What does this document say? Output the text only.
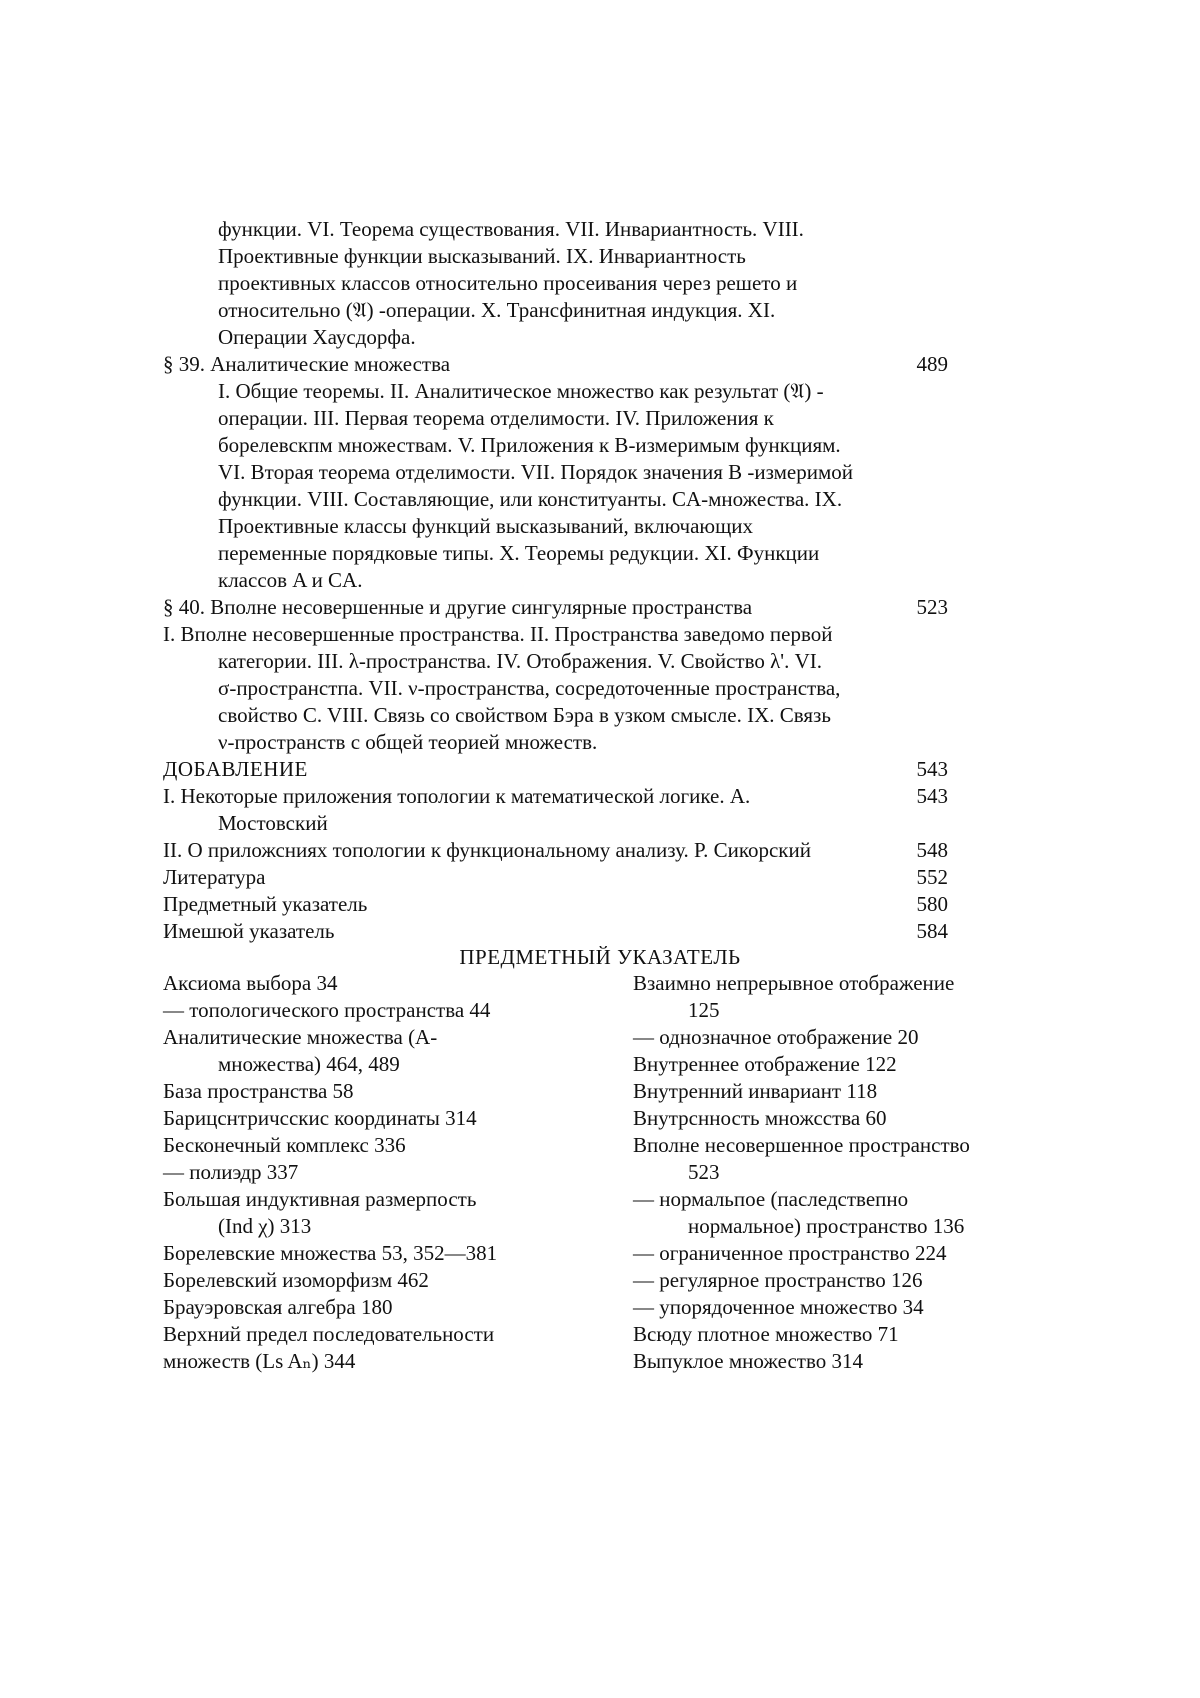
функции. VI. Теорема существования. VII. Инвариантность. VIII.
Проективные функции высказываний. IX. Инвариантность
проективных классов относительно просеивания через решето и
относительно (𝔄) -операции. X. Трансфинитная индукция. XI.
Операции Хаусдорфа.
§ 39. Аналитические множества	489
I. Общие теоремы. II. Аналитическое множество как результат (𝔄) -
операции. III. Первая теорема отделимости. IV. Приложения к
борелевскпм множествам. V. Приложения к B-измеримым функциям.
VI. Вторая теорема отделимости. VII. Порядок значения B -измеримой
функции. VIII. Составляющие, или конституанты. CA-множества. IX.
Проективные классы функций высказываний, включающих
переменные порядковые типы. X. Теоремы редукции. XI. Функции
классов A и CA.
§ 40. Вполне несовершенные и другие сингулярные пространства	523
I. Вполне несовершенные пространства. II. Пространства заведомо первой
категории. III. λ-пространства. IV. Отображения. V. Свойство λ'. VI.
σ-пространстпа. VII. ν-пространства, сосредоточенные пространства,
свойство C. VIII. Связь со свойством Бэра в узком смысле. IX. Связь
ν-пространств с общей теорией множеств.
ДОБАВЛЕНИЕ	543
I. Некоторые приложения топологии к математической логике. А.	543
Мостовский
II. О приложсниях топологии к функциональному анализу. Р. Сикорский	548
Литература	552
Предметный указатель	580
Имешюй указатель	584
ПРЕДМЕТНЫЙ УКАЗАТЕЛЬ
Аксиома выбора 34
— топологического пространства 44
Аналитические множества (A-
множества) 464, 489
База пространства 58
Барицснтричсскис координаты 314
Бесконечный комплекс 336
— полиэдр 337
Большая индуктивная размерпость
(Ind χ) 313
Борелевские множества 53, 352—381
Борелевский изоморфизм 462
Брауэровская алгебра 180
Верхний предел последовательности
множеств (Ls Aₙ) 344
Взаимно непрерывное отображение
125
— однозначное отображение 20
Внутреннее отображение 122
Внутренний инвариант 118
Внутрснность множсства 60
Вполне несовершенное пространство
523
— нормальпое (паследствепно
нормальное) пространство 136
— ограниченное пространство 224
— регулярное пространство 126
— упорядоченное множество 34
Всюду плотное множество 71
Выпуклое множество 314
